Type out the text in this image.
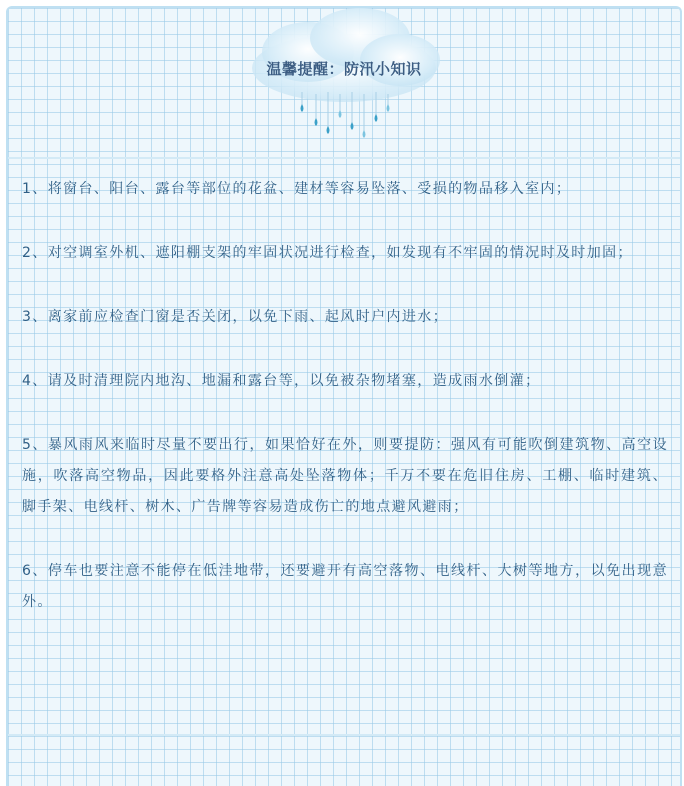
温馨提醒：防汛小知识

1、将窗台、阳台、露台等部位的花盆、建材等容易坠落、受损的物品移入室内；

2、对空调室外机、遮阳棚支架的牢固状况进行检查，如发现有不牢固的情况时及时加固；

3、离家前应检查门窗是否关闭，以免下雨、起风时户内进水；

4、请及时清理院内地沟、地漏和露台等，以免被杂物堵塞，造成雨水倒灌；

5、暴风雨风来临时尽量不要出行，如果恰好在外，则要提防：强风有可能吹倒建筑物、高空设施，吹落高空物品，因此要格外注意高处坠落物体；千万不要在危旧住房、工棚、临时建筑、脚手架、电线杆、树木、广告牌等容易造成伤亡的地点避风避雨；

6、停车也要注意不能停在低洼地带，还要避开有高空落物、电线杆、大树等地方，以免出现意外。
